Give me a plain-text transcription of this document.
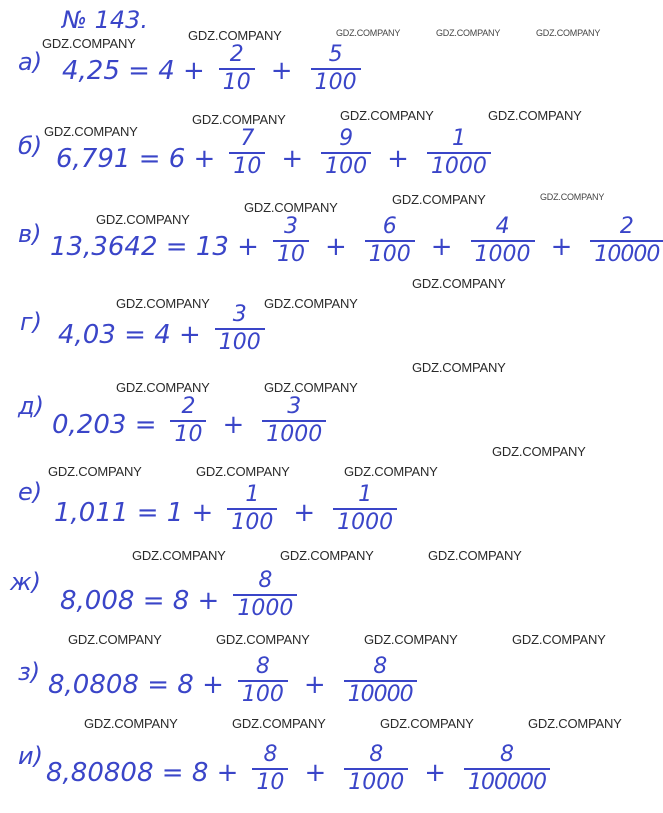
№ 143.
GDZ.COMPANY
GDZ.COMPANY	GDZ.COMPANY	GDZ.COMPANY	GDZ.COMPANY
GDZ.COMPANY
GDZ.COMPANY	GDZ.COMPANY	GDZ.COMPANY
GDZ.COMPANY
GDZ.COMPANY
GDZ.COMPANY
GDZ.COMPANY
GDZ.COMPANY
GDZ.COMPANY	GDZ.COMPANY
GDZ.COMPANY
GDZ.COMPANY	GDZ.COMPANY
GDZ.COMPANY
GDZ.COMPANY	GDZ.COMPANY	GDZ.COMPANY
GDZ.COMPANY	GDZ.COMPANY	GDZ.COMPANY
GDZ.COMPANY	GDZ.COMPANY	GDZ.COMPANY	GDZ.COMPANY
GDZ.COMPANY	GDZ.COMPANY	GDZ.COMPANY	GDZ.COMPANY
а) $4,25 = 4 + \frac{2}{10} + \frac{5}{100}$
б) $6,791 = 6 + \frac{7}{10} + \frac{9}{100} + \frac{1}{1000}$
в) $13,3642 = 13 + \frac{3}{10} + \frac{6}{100} + \frac{4}{1000} + \frac{2}{10000}$
г) $4,03 = 4 + \frac{3}{100}$
д)
$0,203 = \frac{2}{10} + \frac{3}{1000}$
е)
$1,011 = 1 + \frac{1}{100} + \frac{1}{1000}$
ж)
$8,008 = 8 + \frac{8}{1000}$
з) $8,0808 = 8 + \frac{8}{100} + \frac{8}{10000}$
и)
$8,80808 = 8 + \frac{8}{10} + \frac{8}{1000} + \frac{8}{100000}$
